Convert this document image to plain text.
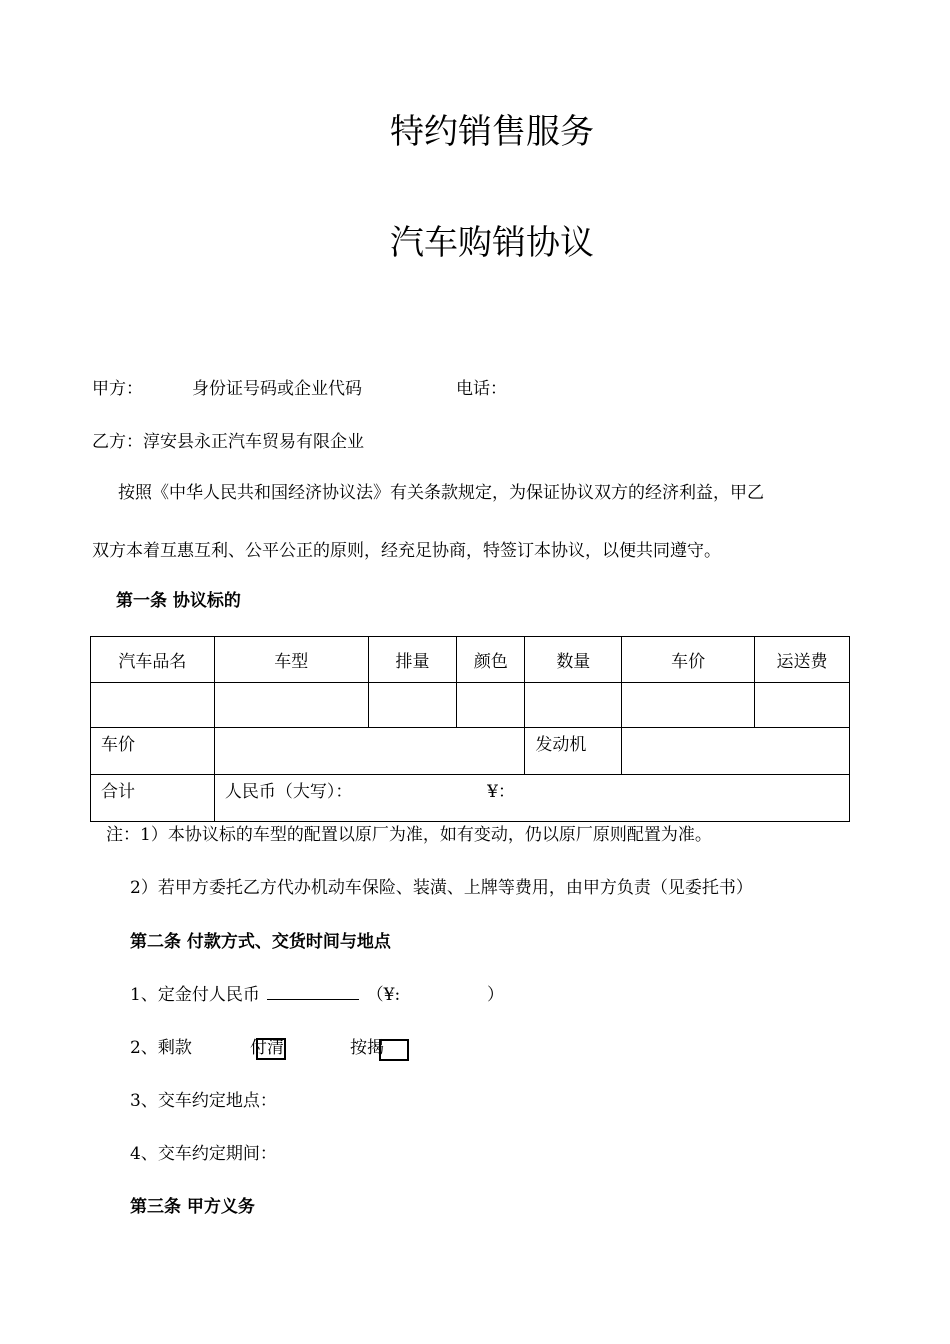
特约销售服务
汽车购销协议
甲方：	身份证号码或企业代码	电话：
乙方：淳安县永正汽车贸易有限企业
按照《中华人民共和国经济协议法》有关条款规定，为保证协议双方的经济利益，甲乙
双方本着互惠互利、公平公正的原则，经充足协商，特签订本协议，以便共同遵守。
第一条 协议标的
汽车品名	车型	排量	颜色	数量	车价	运送费

车价				发动机		
合计	人民币（大写）： ¥：					
注：1）本协议标的车型的配置以原厂为准，如有变动，仍以原厂原则配置为准。
2）若甲方委托乙方代办机动车保险、装潢、上牌等费用，由甲方负责（见委托书）
第二条 付款方式、交货时间与地点
1、定金付人民币	（¥:	）
2、剩款	付清	按揭
3、交车约定地点：
4、交车约定期间：
第三条 甲方义务
